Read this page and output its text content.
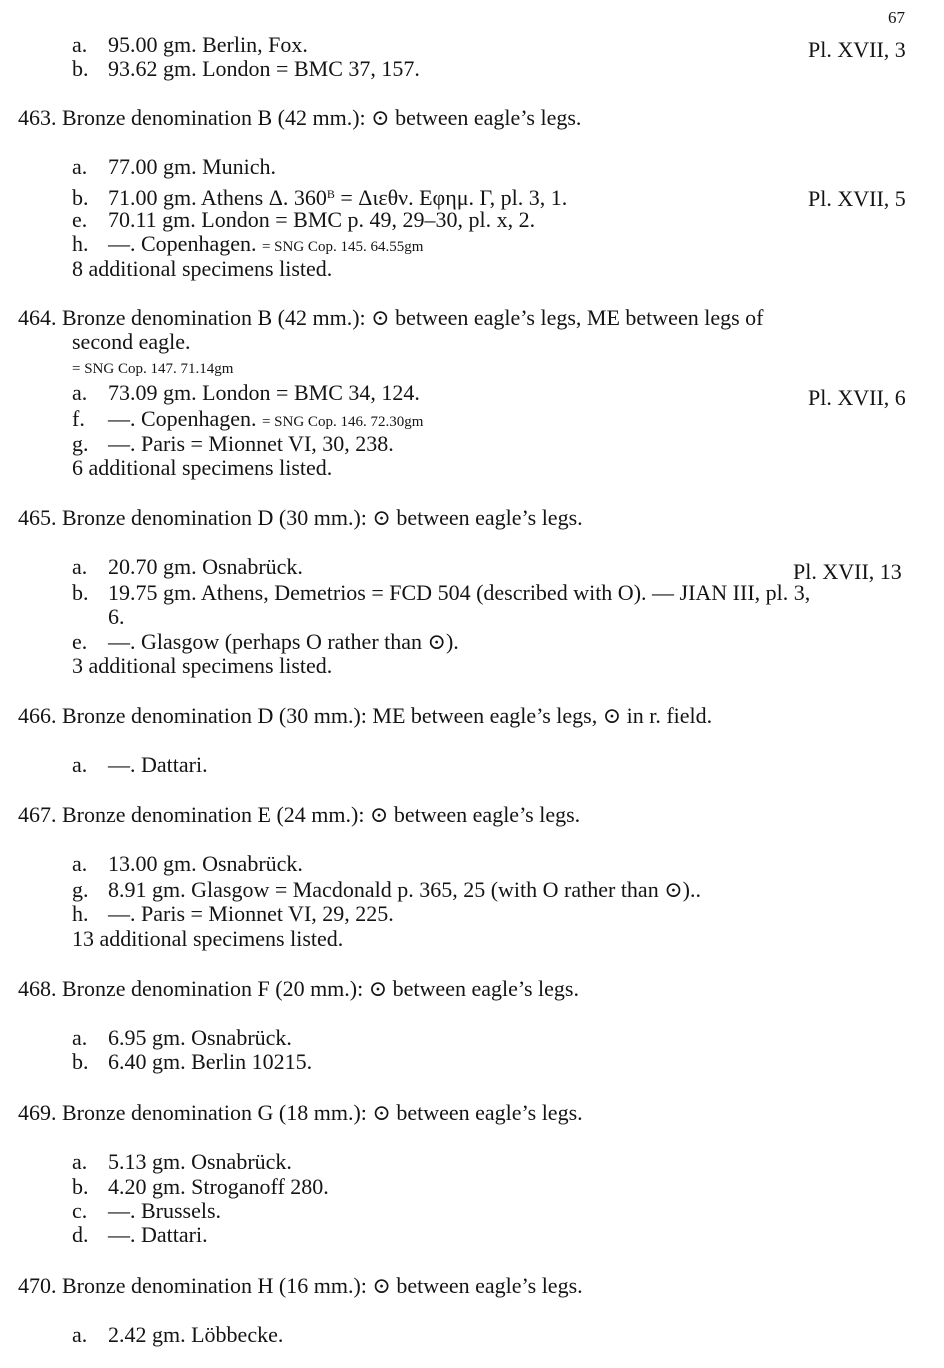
67
a. 95.00 gm. Berlin, Fox.	Pl. XVII, 3
b. 93.62 gm. London = BMC 37, 157.
463. Bronze denomination B (42 mm.): ⊙ between eagle’s legs.
a. 77.00 gm. Munich.
b. 71.00 gm. Athens Δ. $360^B = \Delta\iota\varepsilon\theta\nu$. Εφημ. Γ, pl. 3, 1.	Pl. XVII, 5
e. 70.11 gm. London = BMC p. 49, 29–30, pl. x, 2.
h. —. Copenhagen. = SNG Cop. 145. 64.55gm
8 additional specimens listed.
464. Bronze denomination B (42 mm.): ⊙ between eagle’s legs, ΜΕ between legs of
second eagle.
= SNG Cop. 147. 71.14gm
a. 73.09 gm. London = BMC 34, 124.	Pl. XVII, 6
f. —. Copenhagen. = SNG Cop. 146. 72.30gm
g. —. Paris = Mionnet VI, 30, 238.
6 additional specimens listed.
465. Bronze denomination D (30 mm.): ⊙ between eagle’s legs.
a. 20.70 gm. Osnabrück.	Pl. XVII, 13
b. 19.75 gm. Athens, Demetrios = FCD 504 (described with O). — JIAN III, pl. 3,
6.
e. —. Glasgow (perhaps O rather than ⊙).
3 additional specimens listed.
466. Bronze denomination D (30 mm.): ΜΕ between eagle’s legs, ⊙ in r. field.
a. —. Dattari.
467. Bronze denomination E (24 mm.): ⊙ between eagle’s legs.
a. 13.00 gm. Osnabrück.
g. 8.91 gm. Glasgow = Macdonald p. 365, 25 (with O rather than ⊙)..
h. —. Paris = Mionnet VI, 29, 225.
13 additional specimens listed.
468. Bronze denomination F (20 mm.): ⊙ between eagle’s legs.
a. 6.95 gm. Osnabrück.
b. 6.40 gm. Berlin 10215.
469. Bronze denomination G (18 mm.): ⊙ between eagle’s legs.
a. 5.13 gm. Osnabrück.
b. 4.20 gm. Stroganoff 280.
c. —. Brussels.
d. —. Dattari.
470. Bronze denomination H (16 mm.): ⊙ between eagle’s legs.
a. 2.42 gm. Löbbecke.
